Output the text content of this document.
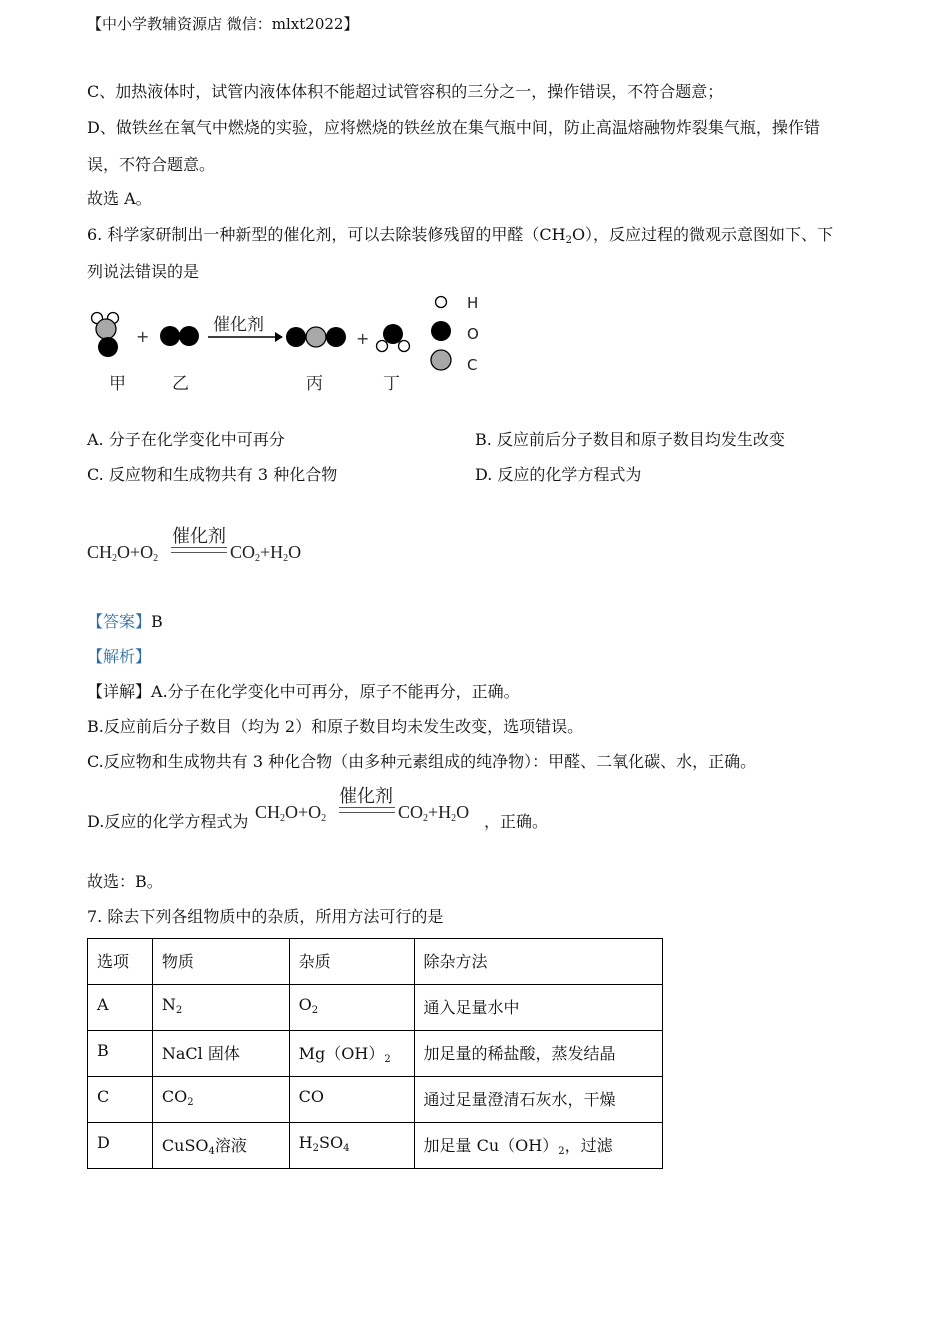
【中小学教辅资源店 微信：mlxt2022】
C、加热液体时，试管内液体体积不能超过试管容积的三分之一，操作错误，不符合题意；
D、做铁丝在氧气中燃烧的实验，应将燃烧的铁丝放在集气瓶中间，防止高温熔融物炸裂集气瓶，操作错
误，不符合题意。
故选 A。
6. 科学家研制出一种新型的催化剂，可以去除装修残留的甲醛$(CH_2O)$，反应过程的微观示意图如下、下
列说法错误的是
+
催化剂
+
甲	乙	丙	丁
H
O
C
A. 分子在化学变化中可再分	B. 反应前后分子数目和原子数目均发生改变
C. 反应物和生成物共有 3 种化合物	D. 反应的化学方程式为
催化剂
$CH_2O+O_2$	$CO_2+H_2O$
【答案】B
【解析】
【详解】A.分子在化学变化中可再分，原子不能再分，正确。
B.反应前后分子数目（均为 2）和原子数目均未发生改变，选项错误。
C.反应物和生成物共有 3 种化合物（由多种元素组成的纯净物）：甲醛、二氧化碳、水，正确。
D.反应的化学方程式为
催化剂
$CH_2O+O_2$	$CO_2+H_2O$ ，正确。
故选：B。
7. 除去下列各组物质中的杂质，所用方法可行的是
选项	物质	杂质	除杂方法
A	N2	O2	通入足量水中
B	NaCl 固体	Mg（OH）2	加足量的稀盐酸，蒸发结晶
C	CO2	CO	通过足量澄清石灰水，干燥
D	CuSO4溶液	H2SO4	加足量 Cu（OH）2，过滤
